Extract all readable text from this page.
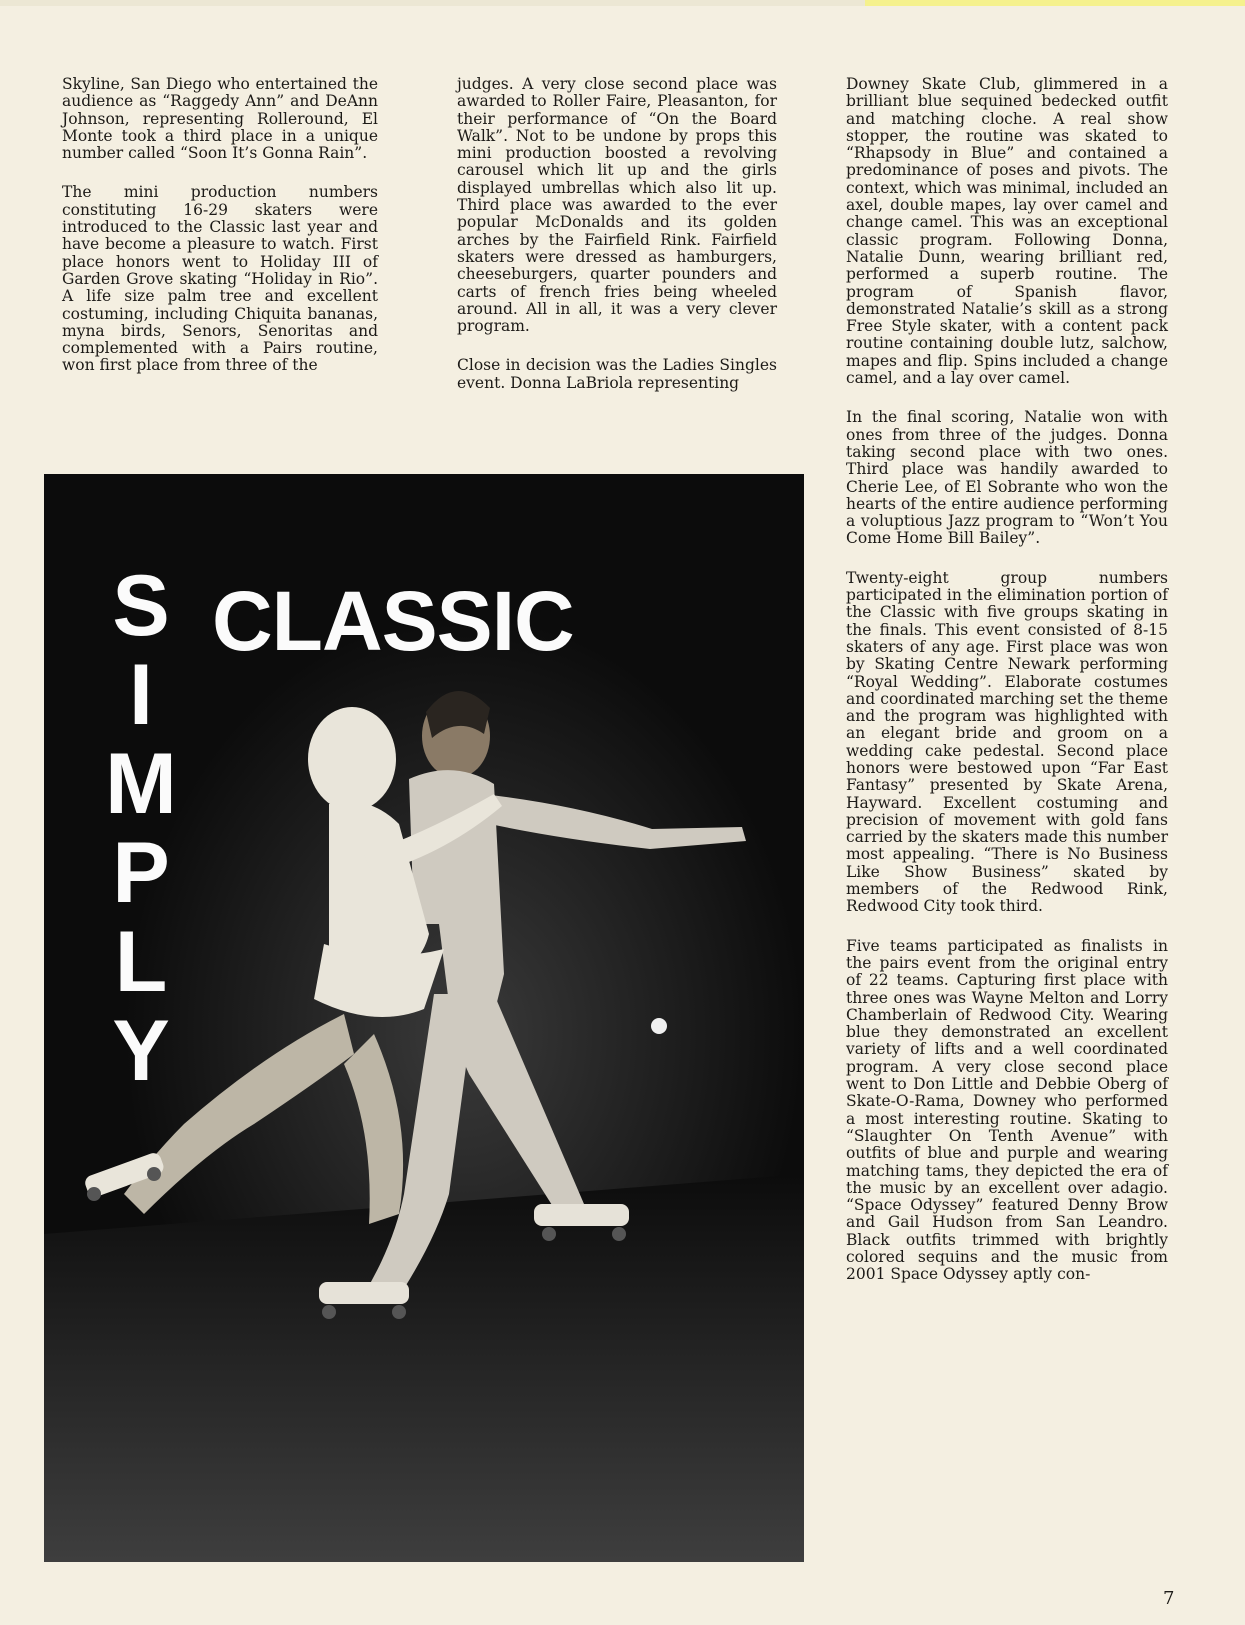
Skyline, San Diego who entertained the audience as “Raggedy Ann” and DeAnn Johnson, representing Rolleround, El Monte took a third place in a unique number called “Soon It’s Gonna Rain”.

The mini production numbers constituting 16-29 skaters were introduced to the Classic last year and have become a pleasure to watch. First place honors went to Holiday III of Garden Grove skating “Holiday in Rio”. A life size palm tree and excellent costuming, including Chiquita bananas, myna birds, Senors, Senoritas and complemented with a Pairs routine, won first place from three of the

judges. A very close second place was awarded to Roller Faire, Pleasanton, for their performance of “On the Board Walk”. Not to be undone by props this mini production boosted a revolving carousel which lit up and the girls displayed umbrellas which also lit up. Third place was awarded to the ever popular McDonalds and its golden arches by the Fairfield Rink. Fairfield skaters were dressed as hamburgers, cheeseburgers, quarter pounders and carts of french fries being wheeled around. All in all, it was a very clever program.

Close in decision was the Ladies Singles event. Donna LaBriola representing

Downey Skate Club, glimmered in a brilliant blue sequined bedecked outfit and matching cloche. A real show stopper, the routine was skated to “Rhapsody in Blue” and contained a predominance of poses and pivots. The context, which was minimal, included an axel, double mapes, lay over camel and change camel. This was an exceptional classic program. Following Donna, Natalie Dunn, wearing brilliant red, performed a superb routine. The program of Spanish flavor, demonstrated Natalie’s skill as a strong Free Style skater, with a content pack routine containing double lutz, salchow, mapes and flip. Spins included a change camel, and a lay over camel.

In the final scoring, Natalie won with ones from three of the judges. Donna taking second place with two ones. Third place was handily awarded to Cherie Lee, of El Sobrante who won the hearts of the entire audience performing a voluptious Jazz program to “Won’t You Come Home Bill Bailey”.

Twenty-eight group numbers participated in the elimination portion of the Classic with five groups skating in the finals. This event consisted of 8-15 skaters of any age. First place was won by Skating Centre Newark performing “Royal Wedding”. Elaborate costumes and coordinated marching set the theme and the program was highlighted with an elegant bride and groom on a wedding cake pedestal. Second place honors were bestowed upon “Far East Fantasy” presented by Skate Arena, Hayward. Excellent costuming and precision of movement with gold fans carried by the skaters made this number most appealing. “There is No Business Like Show Business” skated by members of the Redwood Rink, Redwood City took third.

Five teams participated as finalists in the pairs event from the original entry of 22 teams. Capturing first place with three ones was Wayne Melton and Lorry Chamberlain of Redwood City. Wearing blue they demonstrated an excellent variety of lifts and a well coordinated program. A very close second place went to Don Little and Debbie Oberg of Skate-O-Rama, Downey who performed a most interesting routine. Skating to “Slaughter On Tenth Avenue” with outfits of blue and purple and wearing matching tams, they depicted the era of the music by an excellent over adagio. “Space Odyssey” featured Denny Brow and Gail Hudson from San Leandro. Black outfits trimmed with brightly colored sequins and the music from 2001 Space Odyssey aptly con-

S
I
M
P
L
Y
CLASSIC
7
